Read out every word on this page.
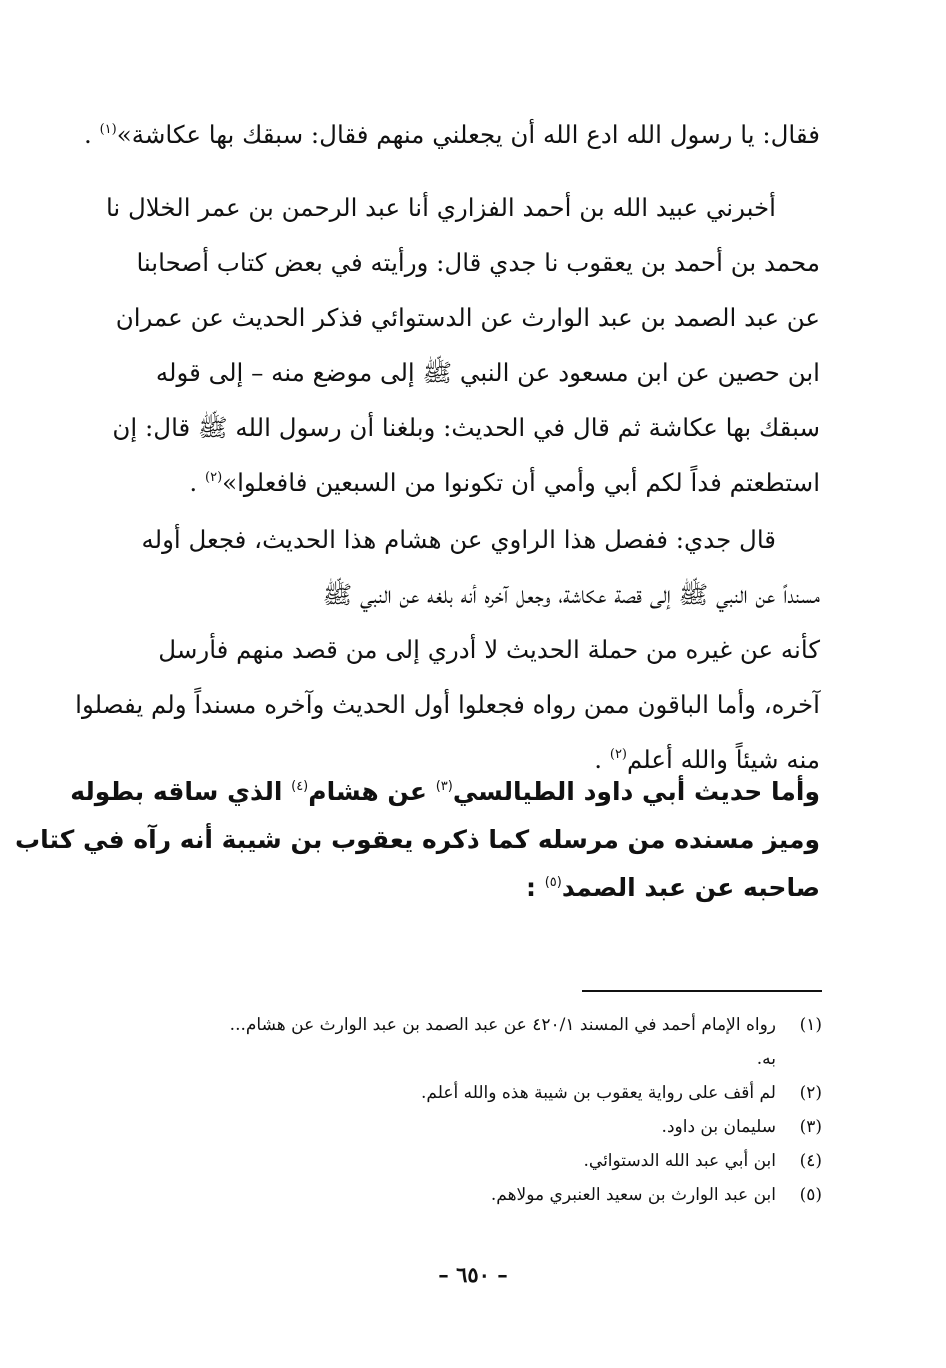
فقال: يا رسول الله ادع الله أن يجعلني منهم فقال: سبقك بها عكاشة»$^{(١)}$ .
أخبرني عبيد الله بن أحمد الفزاري أنا عبد الرحمن بن عمر الخلال نا
محمد بن أحمد بن يعقوب نا جدي قال: ورأيته في بعض كتاب أصحابنا
عن عبد الصمد بن عبد الوارث عن الدستوائي فذكر الحديث عن عمران
ابن حصين عن ابن مسعود عن النبي ﷺ إلى موضع منه – إلى قوله
سبقك بها عكاشة ثم قال في الحديث: وبلغنا أن رسول الله ﷺ قال: إن
استطعتم فداً لكم أبي وأمي أن تكونوا من السبعين فافعلوا»$^{(٢)}$ .
قال جدي: ففصل هذا الراوي عن هشام هذا الحديث، فجعل أوله
مسنداً عن النبي ﷺ إلى قصة عكاشة، وجعل آخره أنه بلغه عن النبي ﷺ
كأنه عن غيره من حملة الحديث لا أدري إلى من قصد منهم فأرسل
آخره، وأما الباقون ممن رواه فجعلوا أول الحديث وآخره مسنداً ولم يفصلوا
منه شيئاً والله أعلم$^{(٢)}$ .
وأما حديث أبي داود الطيالسي$^{(٣)}$ عن هشام$^{(٤)}$ الذي ساقه بطوله
وميز مسنده من مرسله كما ذكره يعقوب بن شيبة أنه رآه في كتاب
صاحبه عن عبد الصمد$^{(٥)}$ :
(١)
رواه الإمام أحمد في المسند ٤٢٠/١ عن عبد الصمد بن عبد الوارث عن هشام...
به.
(٢)
لم أقف على رواية يعقوب بن شيبة هذه والله أعلم.
(٣)
سليمان بن داود.
(٤)
ابن أبي عبد الله الدستوائي.
(٥)
ابن عبد الوارث بن سعيد العنبري مولاهم.
– ٦٥٠ –
